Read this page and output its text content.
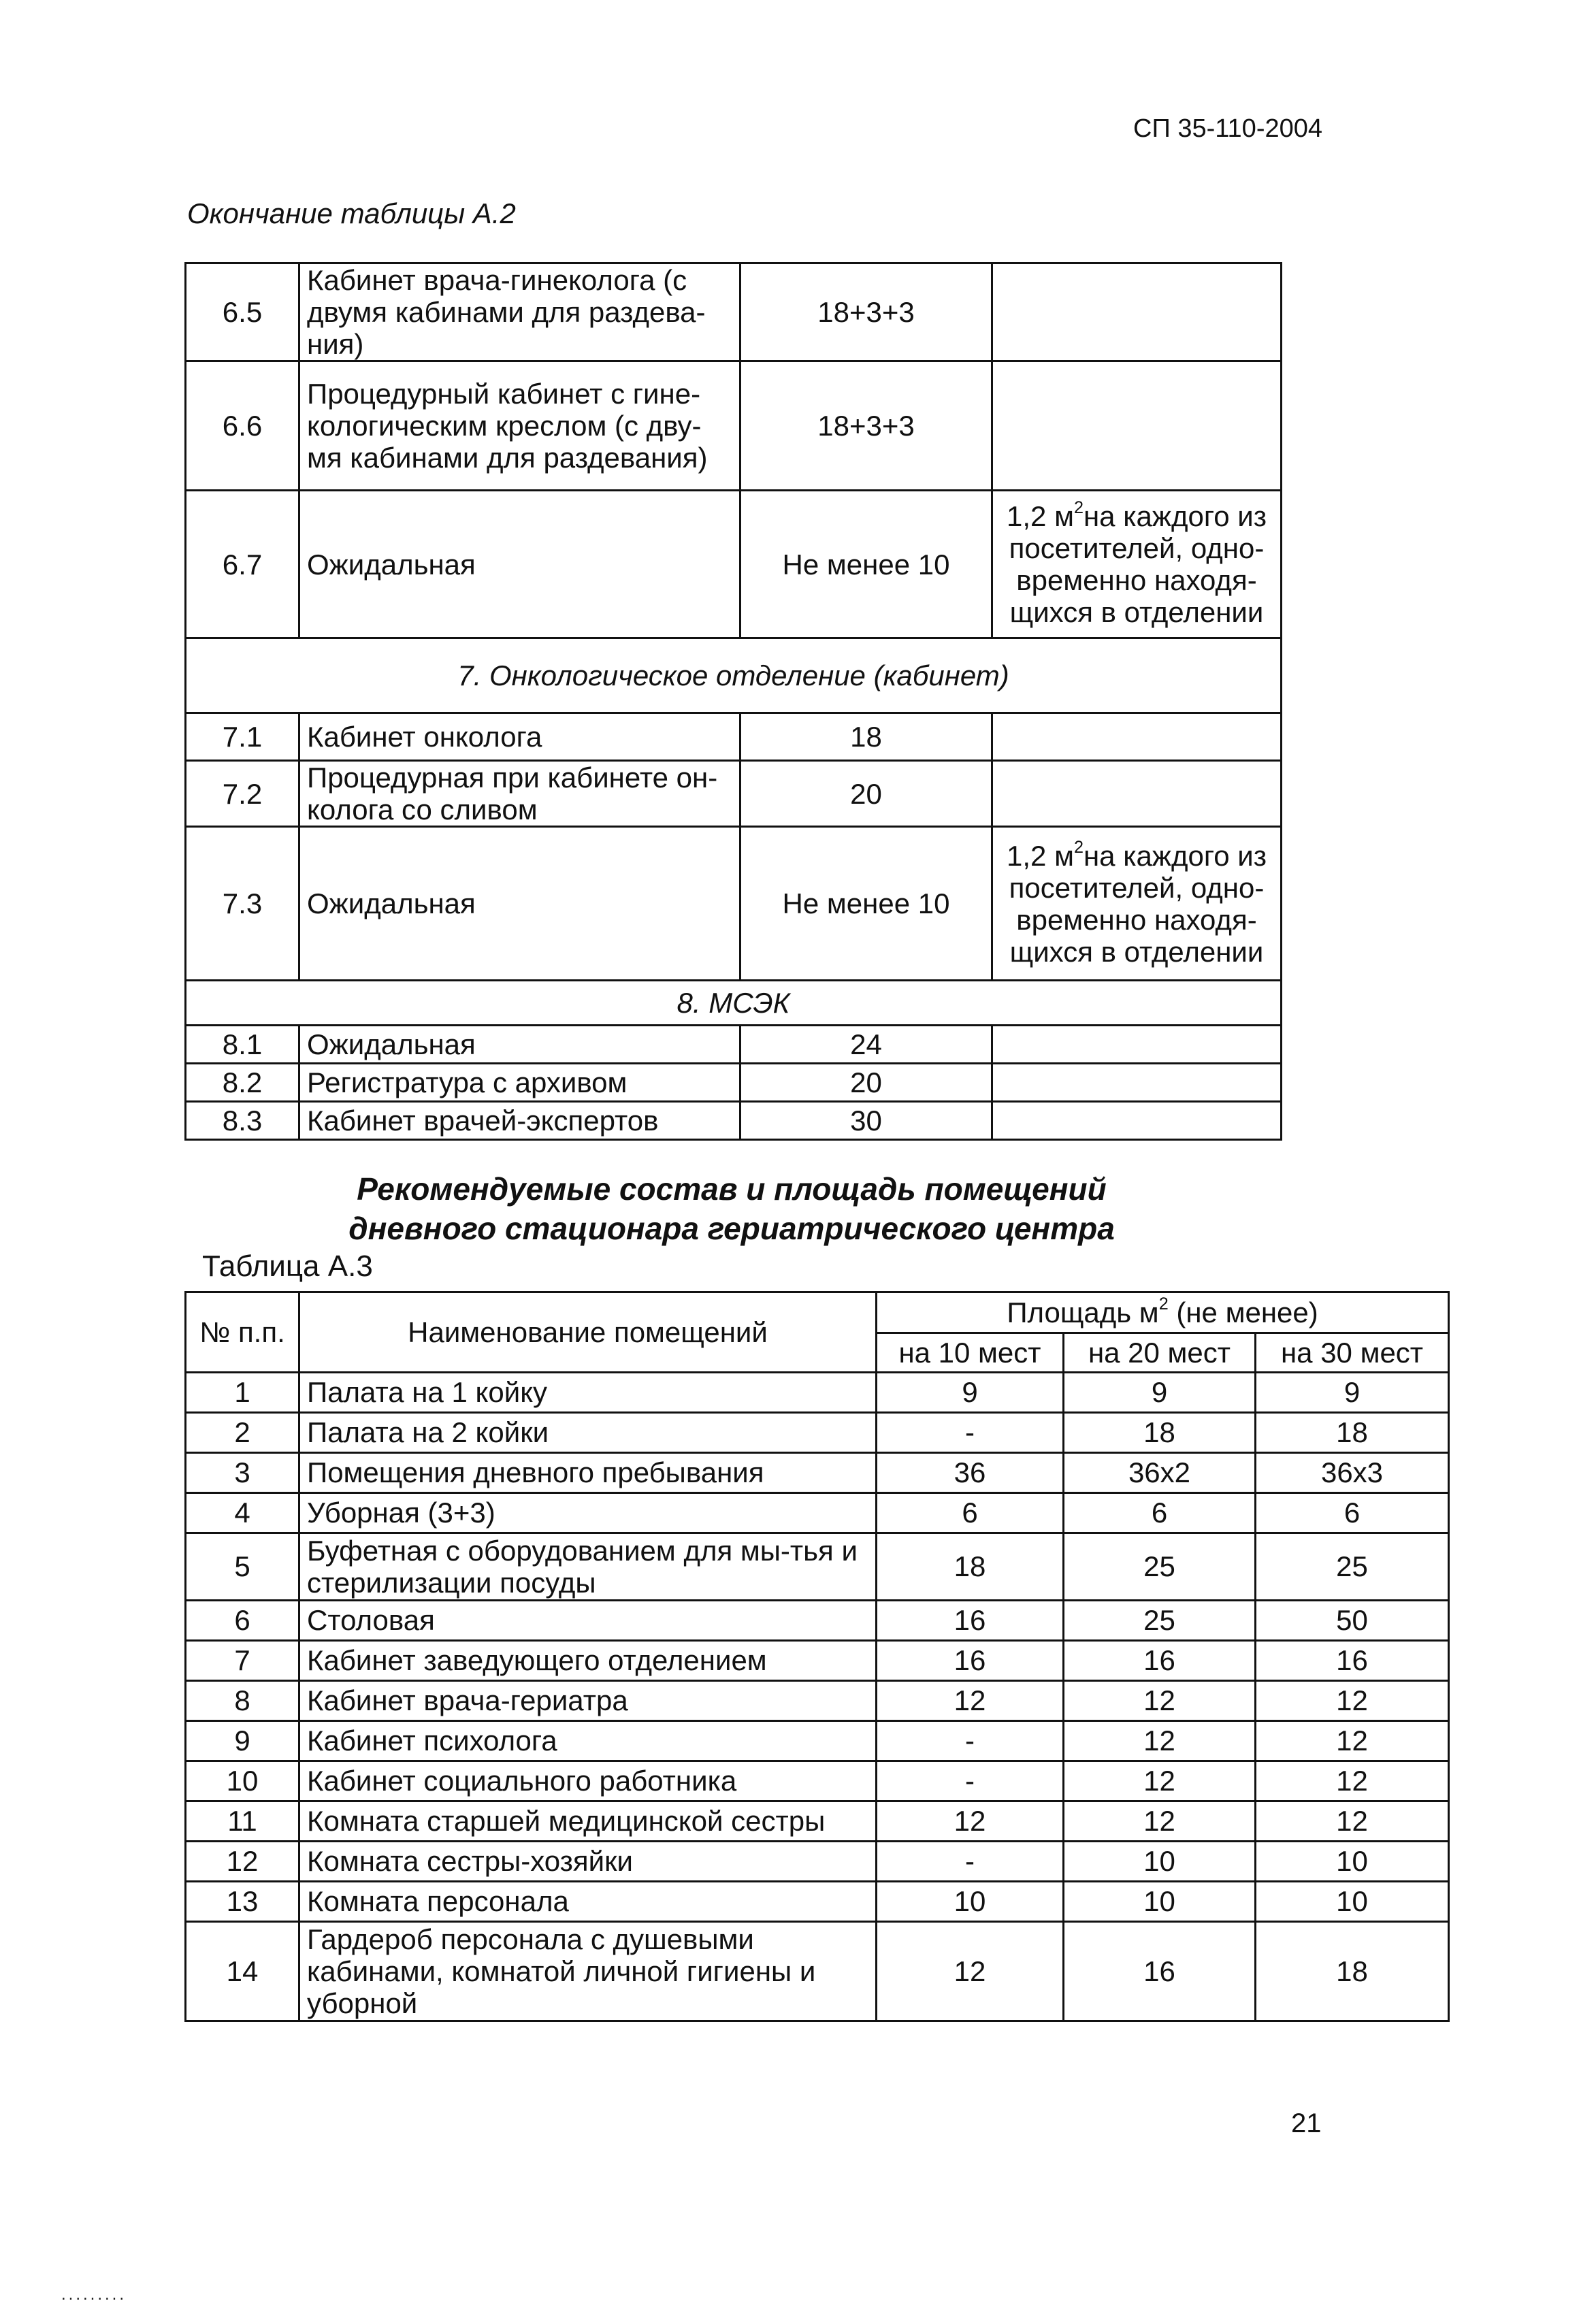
СП 35-110-2004
Окончание таблицы А.2
6.5	Кабинет врача-гинеколога (с двумя кабинами для раздева-ния)	18+3+3	
6.6	Процедурный кабинет с гине-кологическим креслом (с дву-мя кабинами для раздевания)	18+3+3	
6.7	Ожидальная	Не менее 10	1,2 $м^2на$ каждого из посетителей, одно-временно находя-щихся в отделении
7. Онкологическое отделение (кабинет)			
7.1	Кабинет онколога	18	
7.2	Процедурная при кабинете он-колога со сливом	20	
7.3	Ожидальная	Не менее 10	1,2 $м^2на$ каждого из посетителей, одно-временно находя-щихся в отделении
8. МСЭК			
8.1	Ожидальная	24	
8.2	Регистратура с архивом	20	
8.3	Кабинет врачей-экспертов	30	
Рекомендуемые состав и площадь помещений
дневного стационара гериатрического центра
Таблица А.3
№ п.п.	Наименование помещений	Площадь $м^2$ (не менее)		
		на 10 мест	на 20 мест	на 30 мест
1	Палата на 1 койку	9	9	9
2	Палата на 2 койки	-	18	18
3	Помещения дневного пребывания	36	36х2	36х3
4	Уборная (3+3)	6	6	6
5	Буфетная с оборудованием для мы-тья и стерилизации посуды	18	25	25
6	Столовая	16	25	50
7	Кабинет заведующего отделением	16	16	16
8	Кабинет врача-гериатра	12	12	12
9	Кабинет психолога	-	12	12
10	Кабинет социального работника	-	12	12
11	Комната старшей медицинской сестры	12	12	12
12	Комната сестры-хозяйки	-	10	10
13	Комната персонала	10	10	10
14	Гардероб персонала с душевыми кабинами, комнатой личной гигиены и уборной	12	16	18
21
.........
